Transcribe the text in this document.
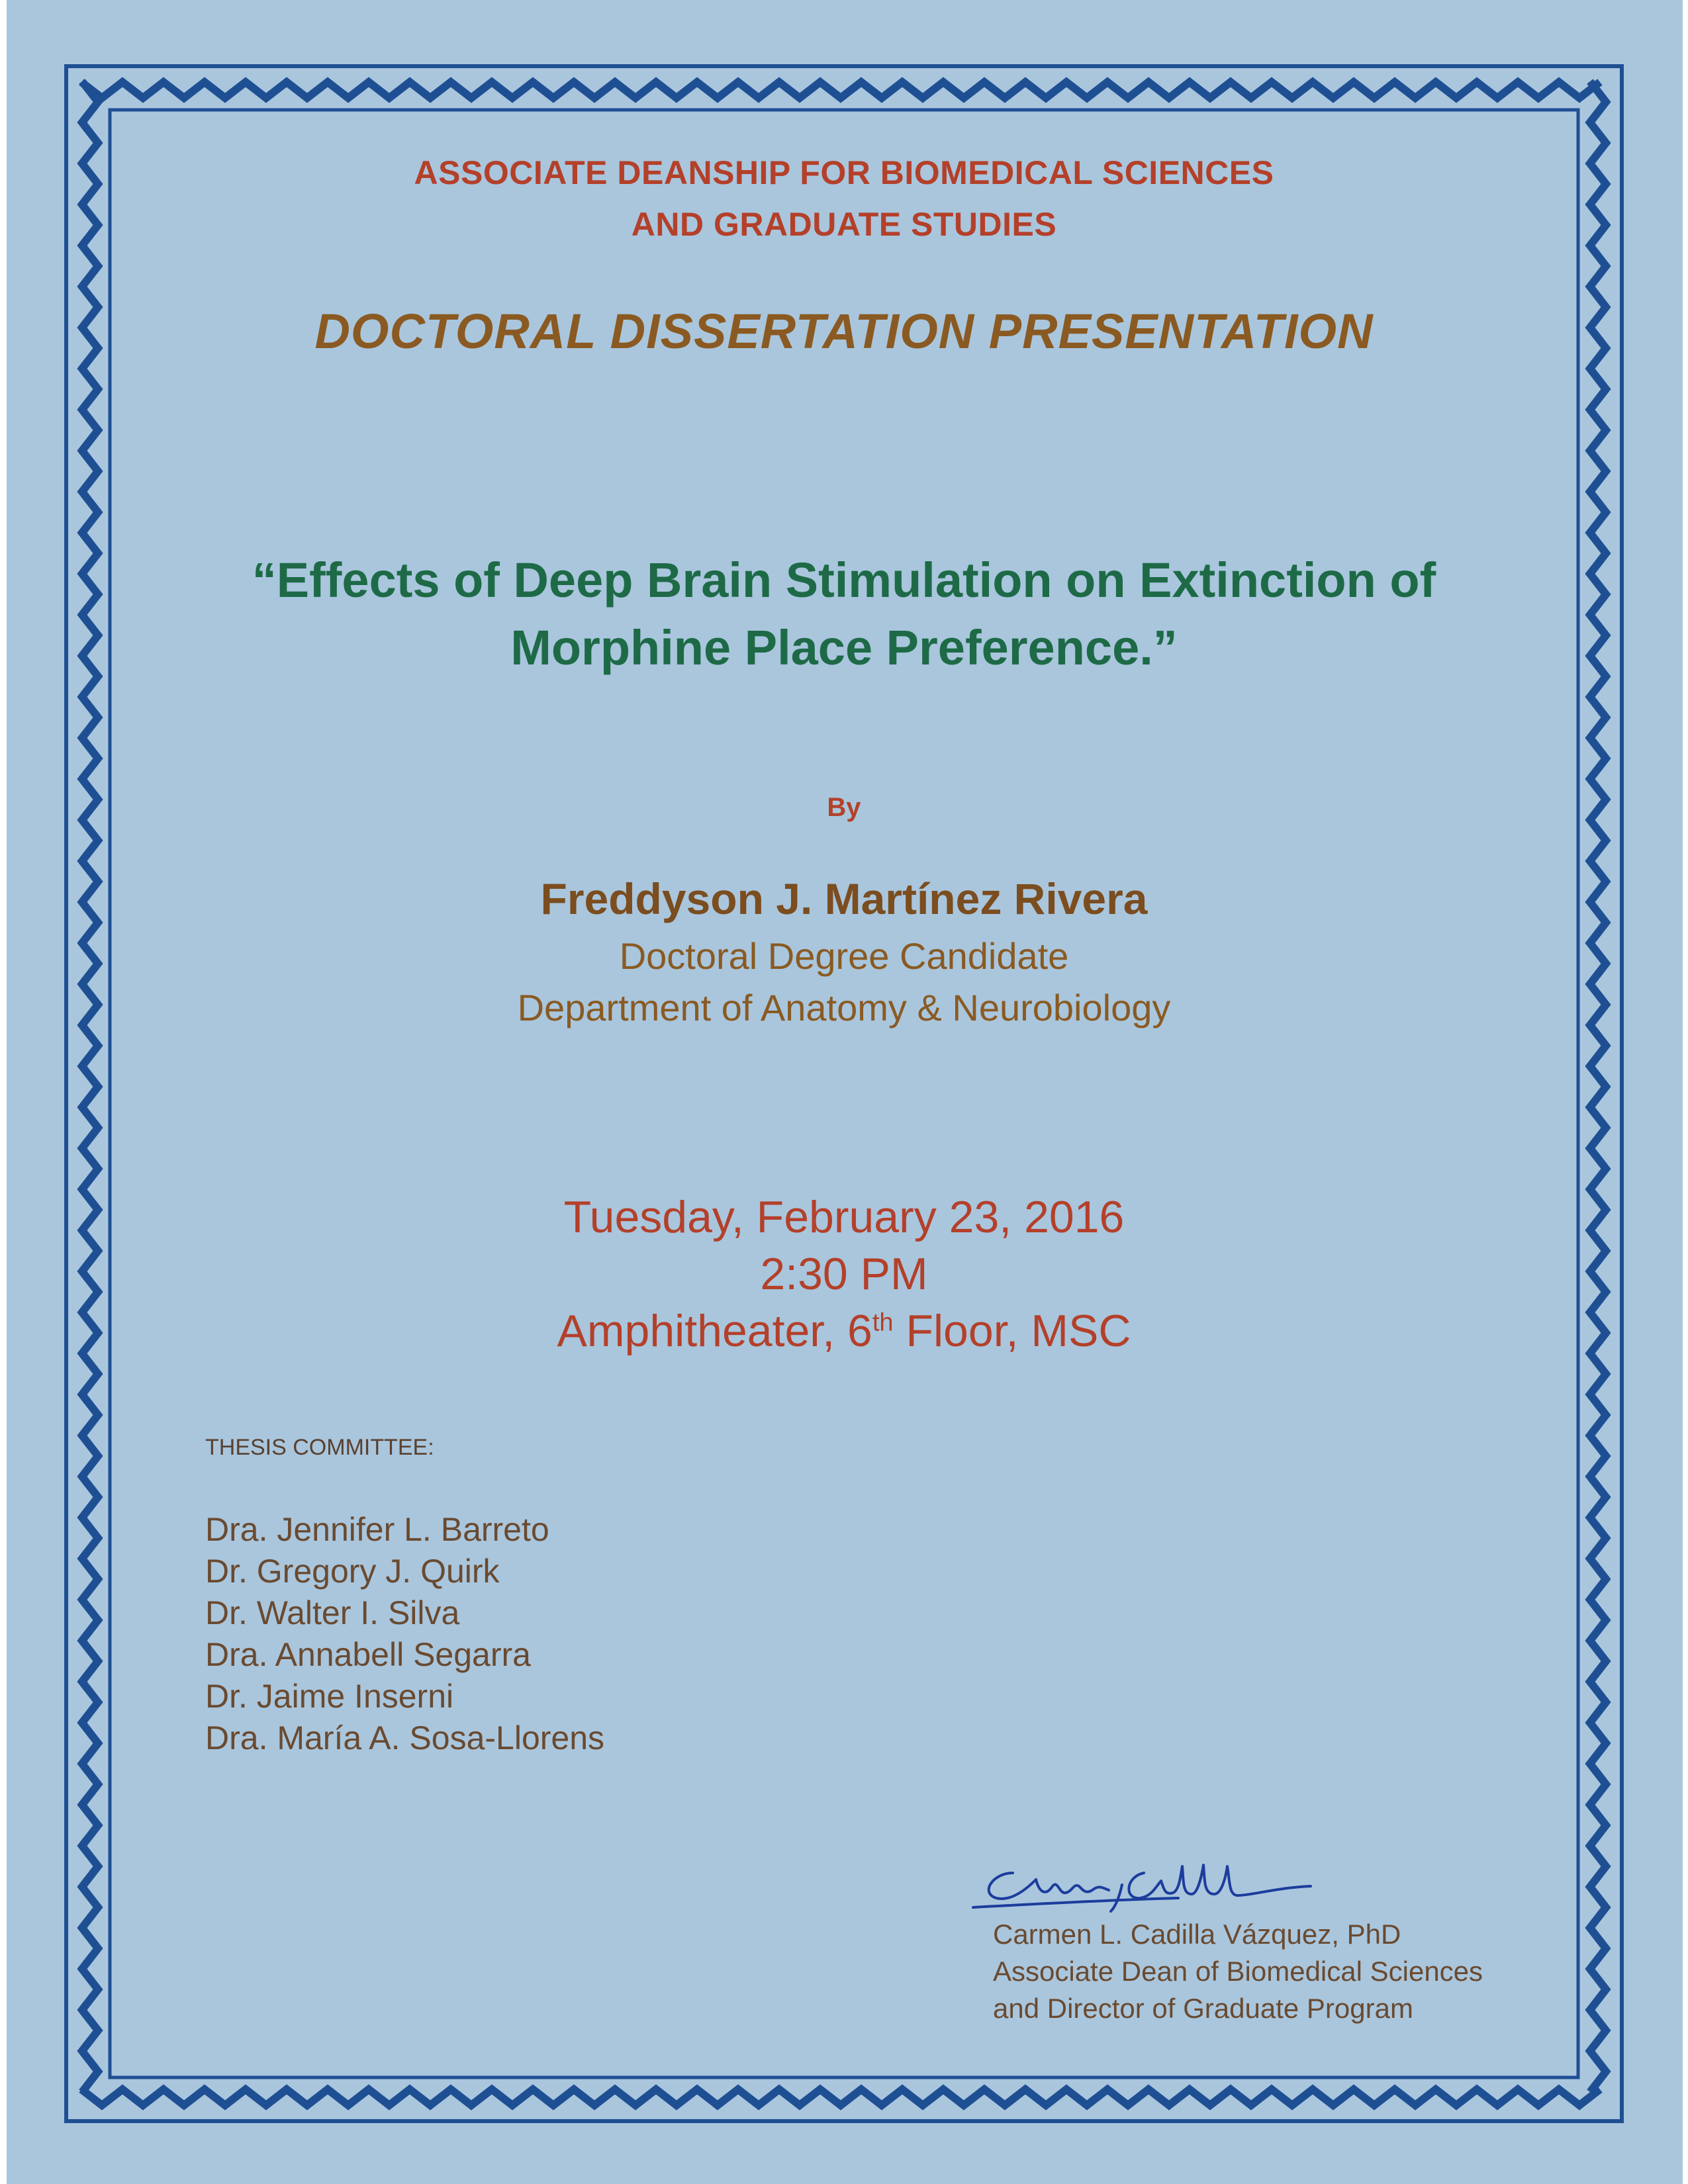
ASSOCIATE DEANSHIP FOR BIOMEDICAL SCIENCES
AND GRADUATE STUDIES
DOCTORAL DISSERTATION PRESENTATION
“Effects of Deep Brain Stimulation on Extinction of
Morphine Place Preference.”
By
Freddyson J. Martínez Rivera
Doctoral Degree Candidate
Department of Anatomy & Neurobiology
Tuesday, February 23, 2016
2:30 PM
Amphitheater, 6th Floor, MSC
THESIS COMMITTEE:
Dra. Jennifer L. Barreto
Dr. Gregory J. Quirk
Dr. Walter I. Silva
Dra. Annabell Segarra
Dr. Jaime Inserni
Dra. María A. Sosa-Llorens
Carmen L. Cadilla Vázquez, PhD
Associate Dean of Biomedical Sciences
and Director of Graduate Program
